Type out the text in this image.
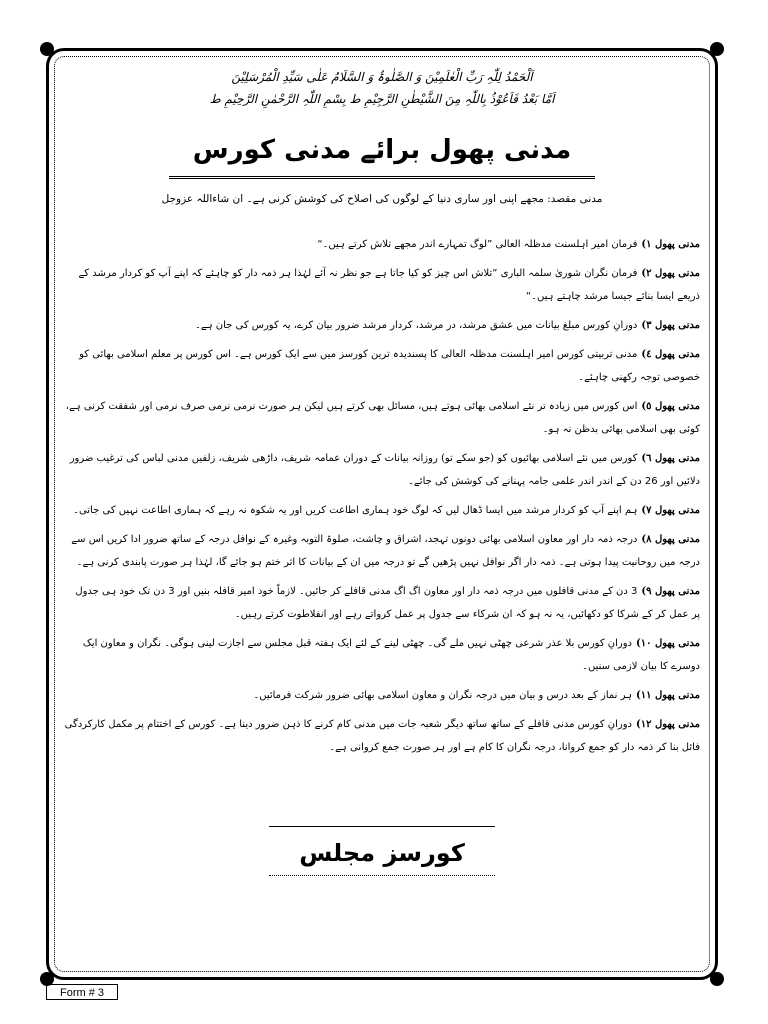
اَلْحَمْدُ لِلّٰہِ رَبِّ الْعٰلَمِیْنَ وَ الصَّلٰوۃُ وَ السَّلَامُ عَلٰی سَیِّدِ الْمُرْسَلِیْنَ
اَمَّا بَعْدُ فَاَعُوْذُ بِاللّٰہِ مِنَ الشَّیْطٰنِ الرَّجِیْمِ ط بِسْمِ اللّٰہِ الرَّحْمٰنِ الرَّحِیْمِ ط
مدنی پھول برائے مدنی کورس
مدنی مقصد: مجھے اپنی اور ساری دنیا کے لوگوں کی اصلاح کی کوشش کرنی ہے۔ ان شاءاللہ عزوجل

مدنی پھول ١)فرمان امیر اہلسنت مدظلہ العالی ”لوگ تمہارے اندر مجھے تلاش کرتے ہیں۔“

مدنی پھول ٢)فرمان نگران شوریٰ سلمہ الباری ”تلاش اس چیز کو کیا جاتا ہے جو نظر نہ آئے لہٰذا ہر ذمہ دار کو چاہئے کہ اپنے آپ کو کردار مرشد کے ذریعے ایسا بنائے جیسا مرشد چاہتے ہیں۔“

مدنی پھول ٣)دورانِ کورس مبلغ بیانات میں عشق مرشد، در مرشد، کردار مرشد ضرور بیان کرے، یہ کورس کی جان ہے۔

مدنی پھول ٤)مدنی تربیتی کورس امیر اہلسنت مدظلہ العالی کا پسندیدہ ترین کورسز میں سے ایک کورس ہے۔ اس کورس پر معلم اسلامی بھائی کو خصوصی توجہ رکھنی چاہئے۔

مدنی پھول ٥)اس کورس میں زیادہ تر نئے اسلامی بھائی ہوتے ہیں، مسائل بھی کرتے ہیں لیکن ہر صورت نرمی نرمی صرف نرمی اور شفقت کرنی ہے، کوئی بھی اسلامی بھائی بدظن نہ ہو۔

مدنی پھول ٦)کورس میں نئے اسلامی بھائیوں کو (جو سکے تو) روزانہ بیانات کے دوران عمامہ شریف، داڑھی شریف، زلفیں مدنی لباس کی ترغیب ضرور دلائیں اور 26 دن کے اندر اندر علمی جامہ پہنانے کی کوشش کی جائے۔

مدنی پھول ٧)ہم اپنے آپ کو کردار مرشد میں ایسا ڈھال لیں کہ لوگ خود ہماری اطاعت کریں اور یہ شکوہ نہ رہے کہ ہماری اطاعت نہیں کی جاتی۔

مدنی پھول ٨)درجہ ذمہ دار اور معاون اسلامی بھائی دونوں تہجد، اشراق و چاشت، صلوۃ التوبہ وغیرہ کے نوافل درجہ کے ساتھ ضرور ادا کریں اس سے درجہ میں روحانیت پیدا ہوتی ہے۔ ذمہ دار اگر نوافل نہیں پڑھیں گے تو درجہ میں ان کے بیانات کا اثر ختم ہو جائے گا، لہٰذا ہر صورت پابندی کرنی ہے۔

مدنی پھول ٩)3 دن کے مدنی قافلوں میں درجہ ذمہ دار اور معاون اگ اگ مدنی قافلے کر جائیں۔ لازماً خود امیر قافلہ بنیں اور 3 دن تک خود ہی جدول پر عمل کر کے شرکا کو دکھائیں، یہ نہ ہو کہ ان شرکاء سے جدول پر عمل کرواتے رہے اور انفلاطوت کرتے رہیں۔

مدنی پھول ١٠)دورانِ کورس بلا عذر شرعی چھٹی نہیں ملے گی۔ چھٹی لینے کے لئے ایک ہفتہ قبل مجلس سے اجازت لینی ہوگی۔ نگران و معاون ایک دوسرے کا بیان لازمی سنیں۔

مدنی پھول ١١)ہر نماز کے بعد درس و بیان میں درجہ نگران و معاون اسلامی بھائی ضرور شرکت فرمائیں۔

مدنی پھول ١٢)دورانِ کورس مدنی قافلے کے ساتھ ساتھ دیگر شعبہ جات میں مدنی کام کرنے کا ذہن ضرور دینا ہے۔ کورس کے اختتام پر مکمل کارکردگی فائل بنا کر ذمہ دار کو جمع کروانا، درجہ نگران کا کام ہے اور ہر صورت جمع کروانی ہے۔

کورسز مجلس
Form # 3
